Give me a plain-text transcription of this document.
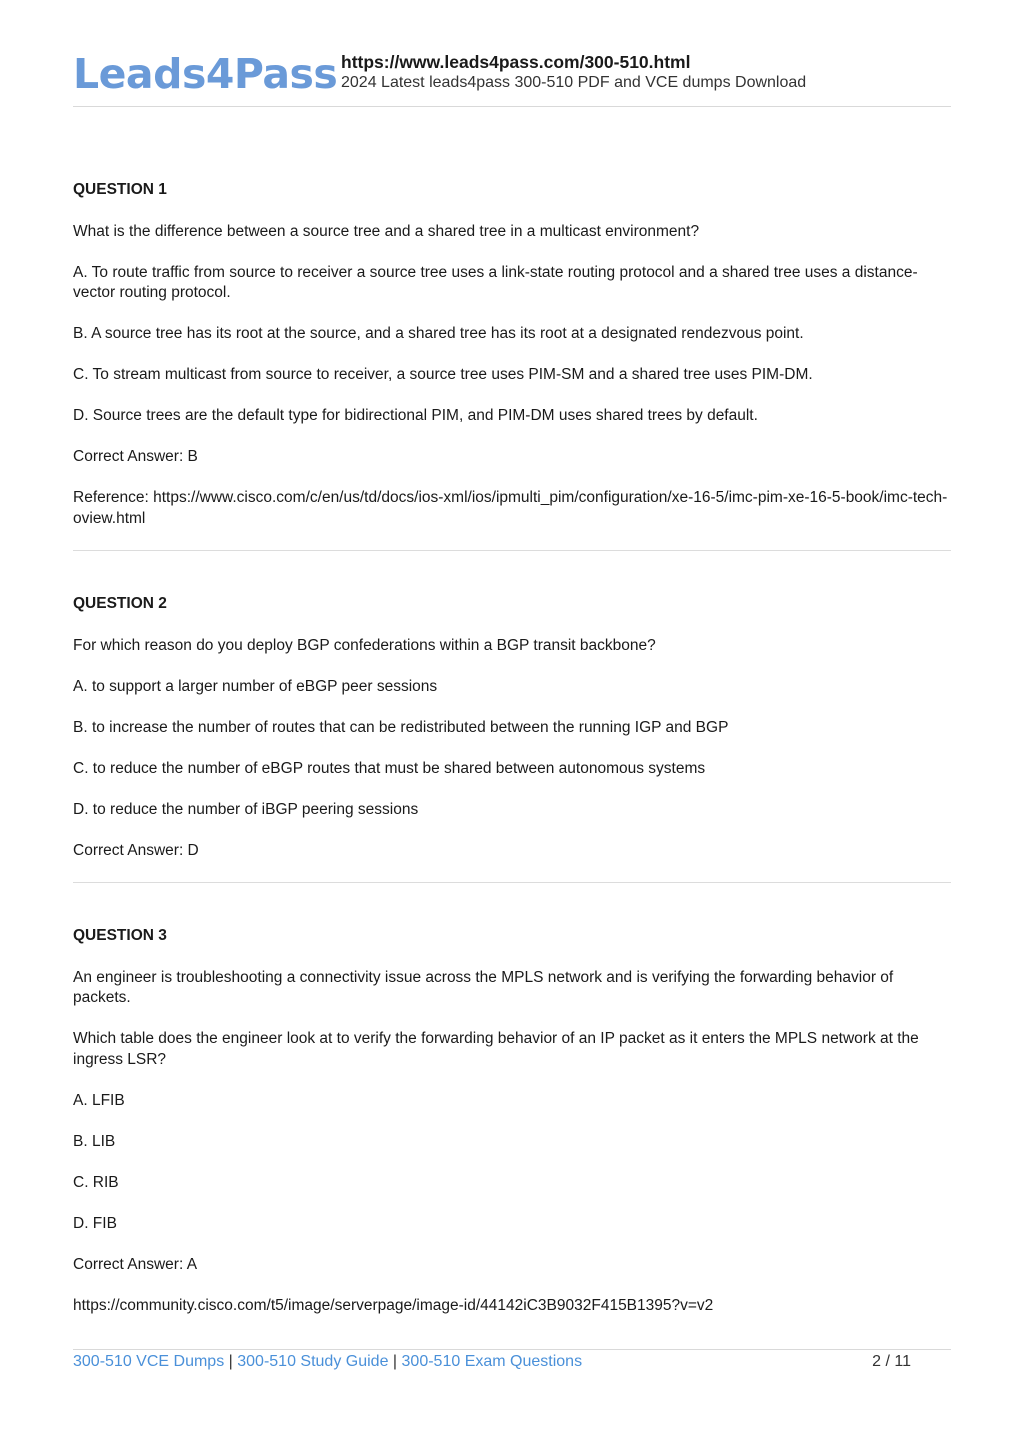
Leads4Pass https://www.leads4pass.com/300-510.html
2024 Latest leads4pass 300-510 PDF and VCE dumps Download
QUESTION 1
What is the difference between a source tree and a shared tree in a multicast environment?
A. To route traffic from source to receiver a source tree uses a link-state routing protocol and a shared tree uses a distance-vector routing protocol.
B. A source tree has its root at the source, and a shared tree has its root at a designated rendezvous point.
C. To stream multicast from source to receiver, a source tree uses PIM-SM and a shared tree uses PIM-DM.
D. Source trees are the default type for bidirectional PIM, and PIM-DM uses shared trees by default.
Correct Answer: B
Reference: https://www.cisco.com/c/en/us/td/docs/ios-xml/ios/ipmulti_pim/configuration/xe-16-5/imc-pim-xe-16-5-book/imc-tech-oview.html
QUESTION 2
For which reason do you deploy BGP confederations within a BGP transit backbone?
A. to support a larger number of eBGP peer sessions
B. to increase the number of routes that can be redistributed between the running IGP and BGP
C. to reduce the number of eBGP routes that must be shared between autonomous systems
D. to reduce the number of iBGP peering sessions
Correct Answer: D
QUESTION 3
An engineer is troubleshooting a connectivity issue across the MPLS network and is verifying the forwarding behavior of packets.
Which table does the engineer look at to verify the forwarding behavior of an IP packet as it enters the MPLS network at the ingress LSR?
A. LFIB
B. LIB
C. RIB
D. FIB
Correct Answer: A
https://community.cisco.com/t5/image/serverpage/image-id/44142iC3B9032F415B1395?v=v2
300-510 VCE Dumps | 300-510 Study Guide | 300-510 Exam Questions	2 / 11
